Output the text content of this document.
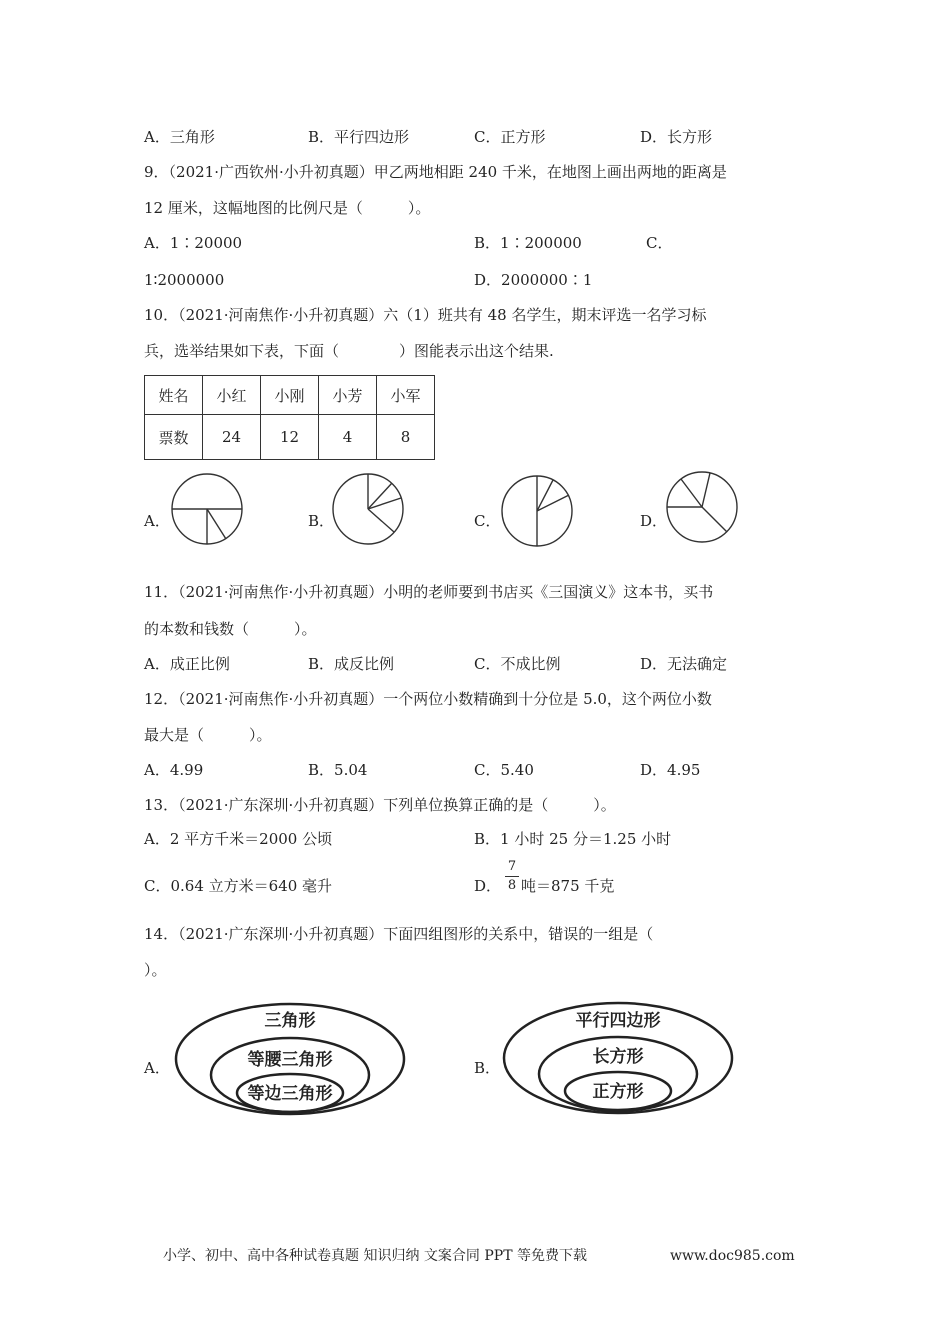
A．三角形	B．平行四边形	C．正方形	D．长方形
9．（2021·广西钦州·小升初真题）甲乙两地相距 240 千米，在地图上画出两地的距离是
12 厘米，这幅地图的比例尺是（　　　）。
A．1∶20000	B．1∶200000	C．
1∶2000000	D．2000000∶1
10．（2021·河南焦作·小升初真题）六（1）班共有 48 名学生，期末评选一名学习标
兵，选举结果如下表，下面（　　　　）图能表示出这个结果.
姓名	小红	小刚	小芳	小军
票数	24	12	4	8
A．	B．	C．	D．
11．（2021·河南焦作·小升初真题）小明的老师要到书店买《三国演义》这本书，买书
的本数和钱数（　　　）。
A．成正比例	B．成反比例	C．不成比例	D．无法确定
12．（2021·河南焦作·小升初真题）一个两位小数精确到十分位是 5.0，这个两位小数
最大是（　　　）。
A．4.99	B．5.04	C．5.40	D．4.95
13．（2021·广东深圳·小升初真题）下列单位换算正确的是（　　　）。
A．2 平方千米＝2000 公顷	B．1 小时 25 分＝1.25 小时
C．0.64 立方米＝640 毫升	D．
7
8 吨＝875 千克
14．（2021·广东深圳·小升初真题）下面四组图形的关系中，错误的一组是（
）。
A．
三角形
等腰三角形
等边三角形
B．
平行四边形
长方形
正方形
小学、初中、高中各种试卷真题 知识归纳 文案合同 PPT 等免费下载	www.doc985.com
